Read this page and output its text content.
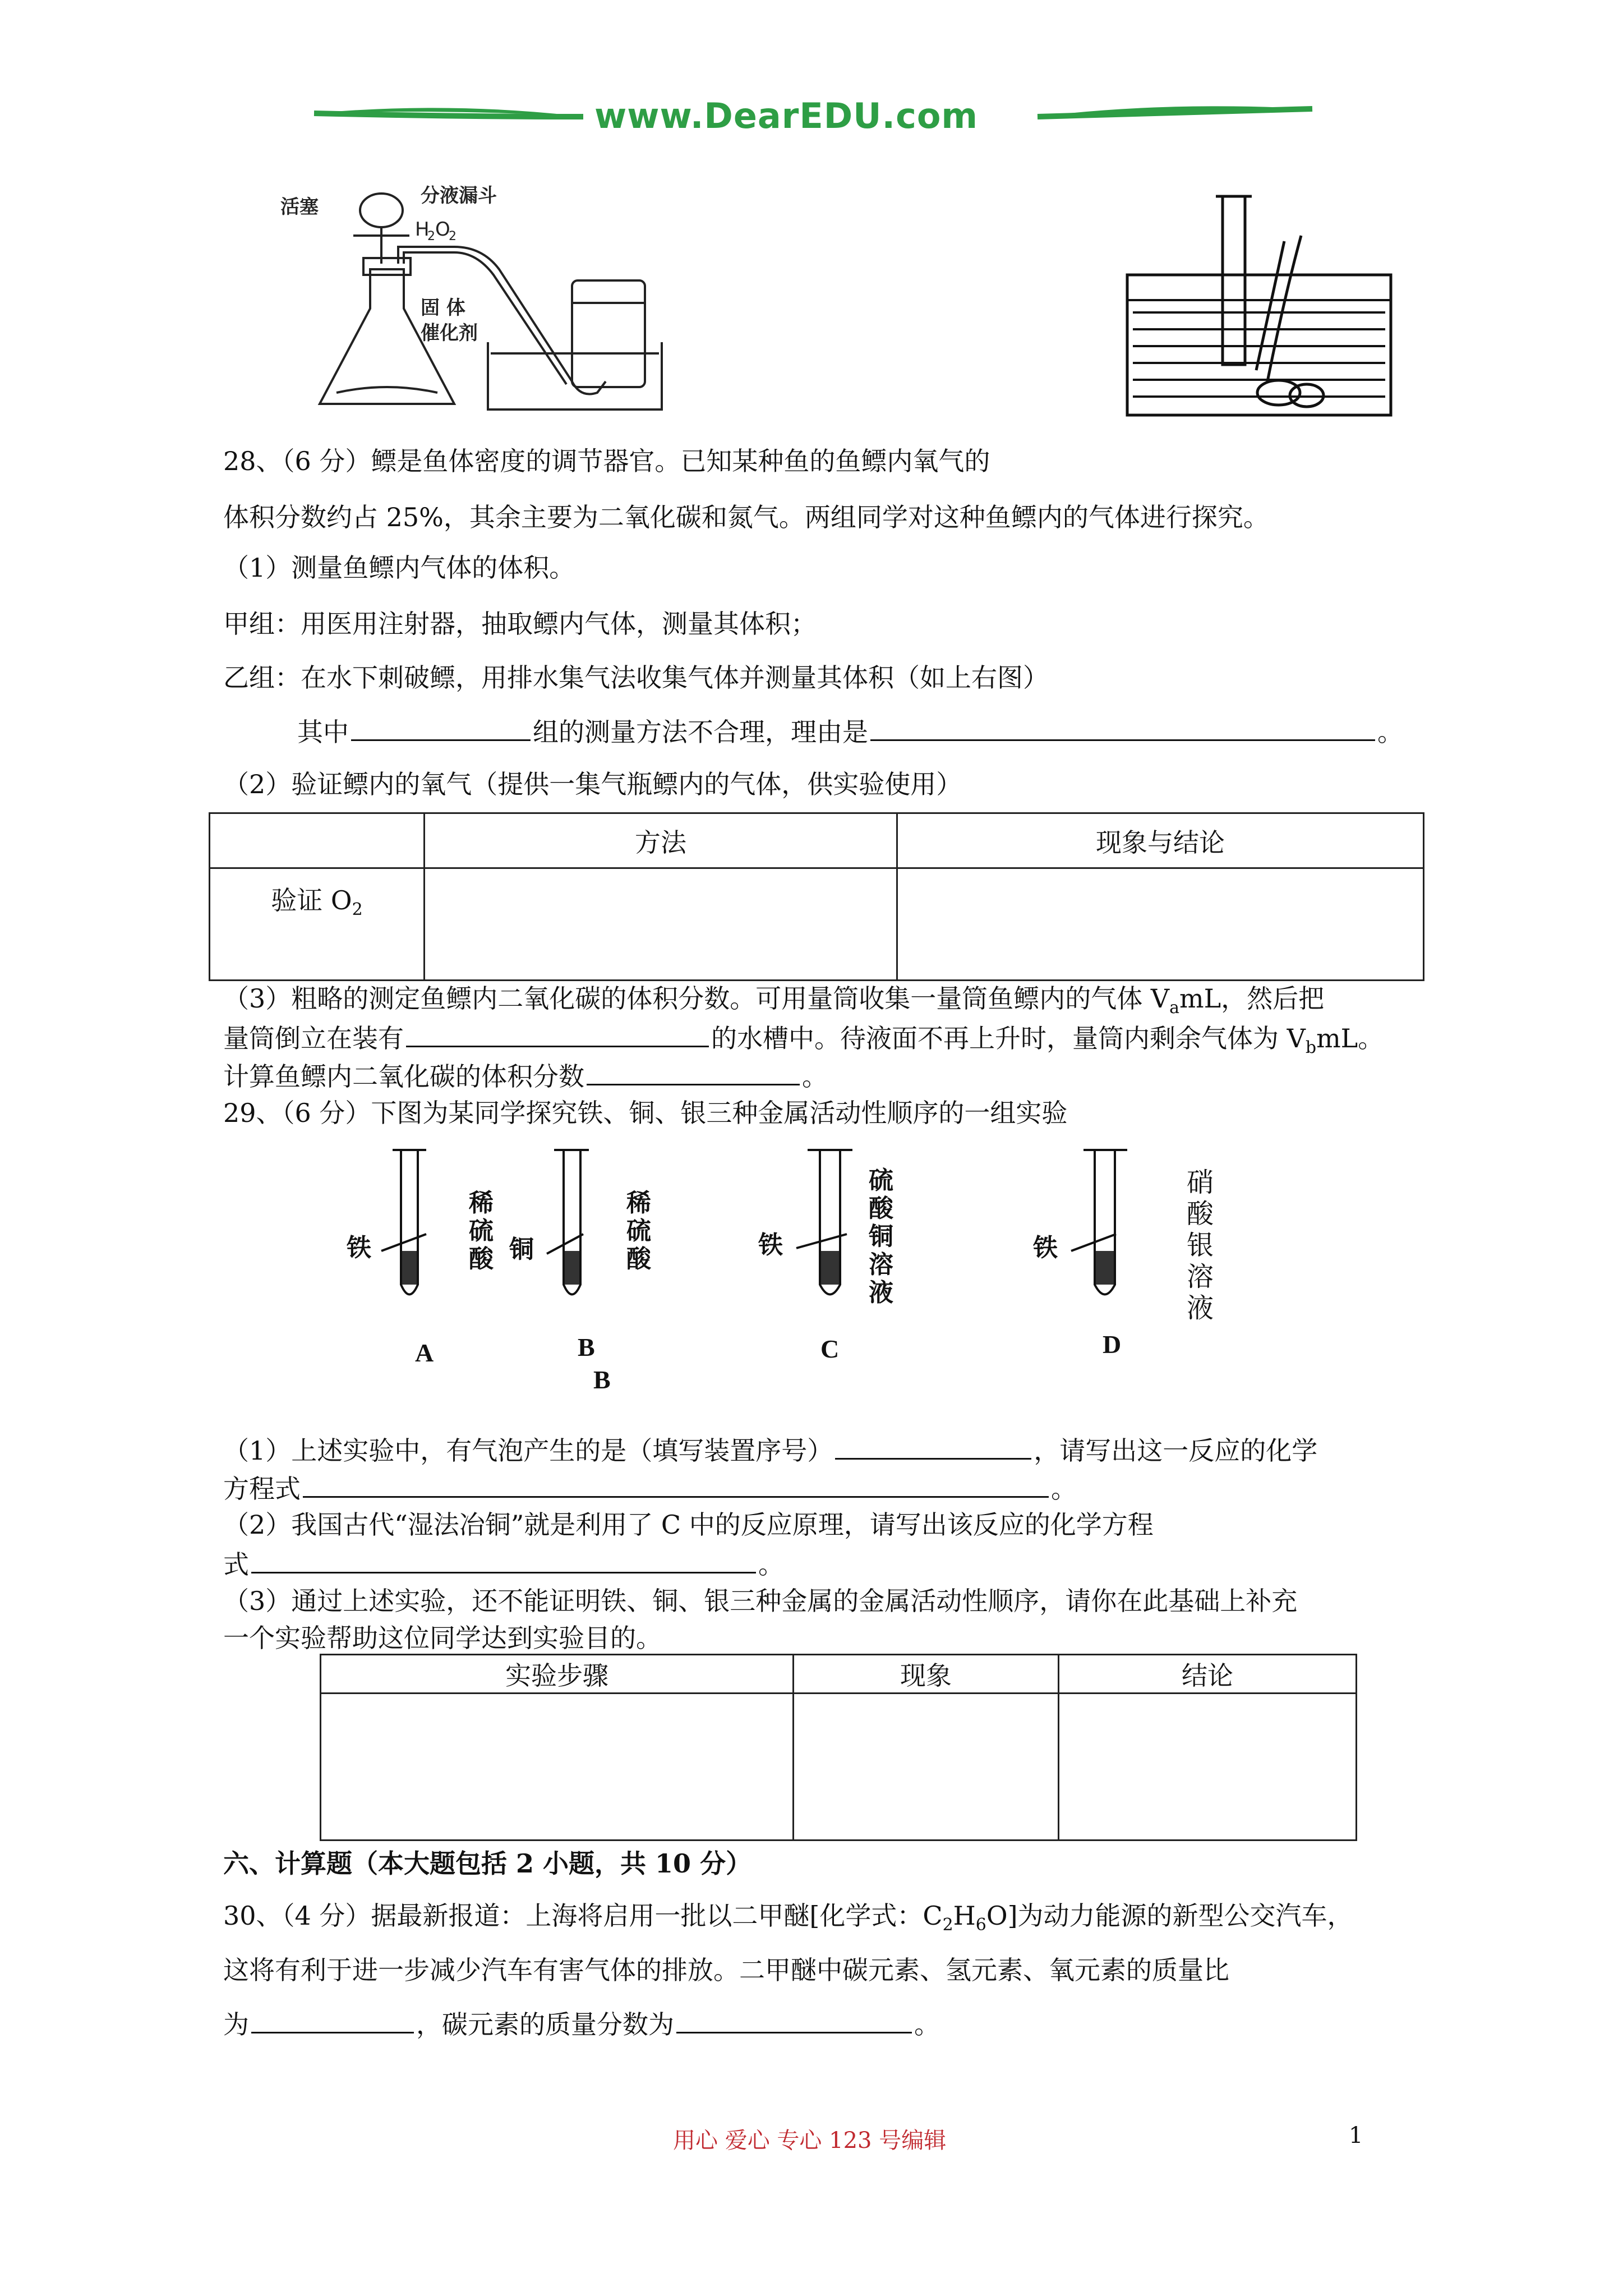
www.DearEDU.com
分液漏斗
活塞
H
2 O
2
固 体
催化剂
28、（6 分）鳔是鱼体密度的调节器官。已知某种鱼的鱼鳔内氧气的
体积分数约占 25%，其余主要为二氧化碳和氮气。两组同学对这种鱼鳔内的气体进行探究。
（1）测量鱼鳔内气体的体积。
甲组：用医用注射器，抽取鳔内气体，测量其体积；
乙组：在水下刺破鳔，用排水集气法收集气体并测量其体积（如上右图）
其中	组的测量方法不合理，理由是	。
（2）验证鳔内的氧气（提供一集气瓶鳔内的气体，供实验使用）
	方法	现象与结论
验证 $O_2$		
（3）粗略的测定鱼鳔内二氧化碳的体积分数。可用量筒收集一量筒鱼鳔内的气体 $V_amL$，然后把
量筒倒立在装有	的水槽中。待液面不再上升时，量筒内剩余气体为 $V_bmL$。
计算鱼鳔内二氧化碳的体积分数	。
29、（6 分）下图为某同学探究铁、铜、银三种金属活动性顺序的一组实验
铁
稀硫酸
A
铜
稀硫酸
B
B
铁
硫酸铜溶液
C
铁
硝酸银溶液
D
（1）上述实验中，有气泡产生的是（填写装置序号）	，请写出这一反应的化学
方程式	。
（2）我国古代“湿法冶铜”就是利用了 C 中的反应原理，请写出该反应的化学方程
式	。
（3）通过上述实验，还不能证明铁、铜、银三种金属的金属活动性顺序，请你在此基础上补充
一个实验帮助这位同学达到实验目的。
实验步骤	现象	结论

六、计算题（本大题包括 2 小题，共 10 分）
30、（4 分）据最新报道：上海将启用一批以二甲醚[化学式：$C_2H_6O$]为动力能源的新型公交汽车，
这将有利于进一步减少汽车有害气体的排放。二甲醚中碳元素、氢元素、氧元素的质量比
为	，碳元素的质量分数为	。
用心 爱心 专心 123 号编辑	1
